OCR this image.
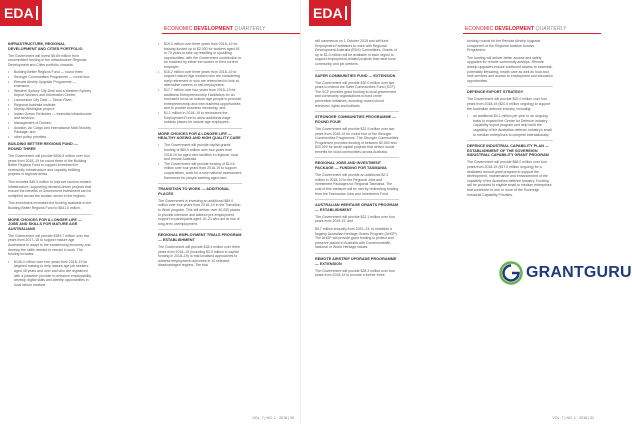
EDA
ECONOMIC DEVELOPMENT QUARTERLY
INFRASTRUCTURE, REGIONAL DEVELOPMENT AND CITIES PORTFOLIO

The Government will invest $5.69 million from uncommitted funding in the Infrastructure Regional Development and Cities portfolio, towards:

• Building Better Regions Fund — round three
• Stronger Communities Programme — round four;
• Remote Airstrip Upgrade Programme — extension;
• Western Sydney City Deal and a Western Sydney Airport Workers and Information Centre;
• Launceston City Deal — Tamar River;
• Regional Australia Institute
• Murray-Wellington project;
• Indian Ocean Territories — essential infrastructure and services;
• Management of Drones;
• Aviation, Air Cargo and International Mail Security Package; and
• other policy priorities.
BUILDING BETTER REGIONS FUND — ROUND THREE

The Government will provide $206.5 million over four years from 2018–19 for round three of the Building Better Regions Fund to support investment in community infrastructure and capacity building projects in regional areas.

This includes $45.0 million to improve tourism-related infrastructure, supporting demand-driven projects that ensure the benefits of Government investment can be multiplied across the tourism sector in the regions.

This investment increases the funding available to the Building Better Regions Fund to $641.6 million.

MORE CHOICES FOR A LONGER LIFE — JOBS AND SKILLS FOR MATURE AGE AUSTRALIANS

The Government will provide $189.7 million over five years from 2017–18 to support mature age Australians to adapt to the transitioning economy and develop the skills needed to remain in work. The funding includes:

• $136.4 million over four years from 2018–19 for targeted training to help mature age job seekers aged 45 years and over and who are registered with a jobactive provider to enhance employability, develop digital skills and identify opportunities in local labour markets
• $19.3 million over three years from 2018–19 for training funded up to $2,000 for workers aged 45 to 70 years to take up reskilling or upskilling opportunities, with the Government contribution to be matched by either the worker or their current employer;
• $15.2 million over three years from 2018–19 to support mature age workers who are considering early retirement or who are retrenched to look at alternative careers or self-employment;
• $17.7 million over four years from 2018–19 for additional Entrepreneurship Facilitators for an increased focus on mature age people to promote entrepreneurship and new business opportunities and to provide business mentoring; and
• $1.1 million in 2018–19 to restructure the Employment Fund to allow additional wage subsidy places for mature age employees.
MORE CHOICES FOR A LONGER LIFE — HEALTHY AGEING AND HIGH QUALITY CARE
• The Government will provide capital grants funding of $60.0 million over four years from 2018-19 for aged care facilities in regional, rural and remote Australia.
• The Government will provide funding of $14.6 million over four years from 2018-19 to support cooperatives, work for a new national assessment framework for people seeking aged care.
TRANSITION TO WORK — ADDITIONAL PLACES

The Government is investing an additional $89.0 million over four years from 2018–19 in the Transition to Work program. This will deliver over 40,000 places to provide intensive and tailored pre-employment support to participants aged 15–21 who are at risk of long-term unemployment.

REGIONAL EMPLOYMENT TRIALS PROGRAM — ESTABLISHMENT

The Government will provide $18.4 million over three years from 2018–19 (including $3.3 million in capital funding in 2018–19) to trial localised approaches to address employment outcomes in 10 selected disadvantaged regions. The trial

VOL. 7 | NO. 1 · 2018 | 30
EDA
ECONOMIC DEVELOPMENT QUARTERLY

will commence on 1 October 2018 and will fund Employment Facilitators to work with Regional Development Australia (RDA) Committees. Grants of up to $1.0 million will be available in each region to support employment-related projects that meet local community and job seekers.

SAFER COMMUNITIES FUND — EXTENSION

The Government will provide $30.0 million over two years to extend the Safer Communities Fund (SCF). The SCF provides grant funding to local government and community organisations to fund crime prevention initiatives, including closed circuit television, lights and bollards.

STRONGER COMMUNITIES PROGRAMME — ROUND FOUR

The Government will provide $22.9 million over two years from 2018-19 for round four of the Stronger Communities Programme. The Stronger Communities Programme provides funding of between $2,500 and $20,000 for small capital projects that deliver social benefits for local communities across Australia.

REGIONAL JOBS AND INVESTMENT PACKAGE — FUNDING FOR TASMANIA

The Government will provide an additional $2.3 million in 2018-19 to the Regional Jobs and Investment Packages for Regional Tasmania. The cost of this measure will be met by redirecting funding from the Tasmanian Jobs and Investment Fund.

AUSTRALIAN HERITAGE GRANTS PROGRAM — ESTABLISHMENT

The Government will provide $22.1 million over four years from 2018-19, and

$5.7 million annually from 2022–23, to establish a flagship Australian Heritage Grants Program (AHGP). The AHGP will provide grant funding to protect and preserve places in Australia with Commonwealth, National or World Heritage values.

REMOTE AIRSTRIP UPGRADE PROGRAMME — EXTENSION

The Government will provide $28.3 million over four years from 2018-19 to provide a further three

funding rounds for the Remote Airstrip Upgrade component of the Regional Aviation Access Programme.

The funding will deliver better access and safety upgrades for remote community airstrips. Remote airstrip upgrades ensure continued access to essential, potentially lifesaving, health care as well as food and mail services and access to employment and education opportunities.

DEFENCE EXPORT STRATEGY

The Government will provide $20.0 million over four years from 2018-19 ($20.0 million ongoing) to support the Australian defence industry, including:

• an additional $4.1 million per year to an ongoing basis to expand the Centre for Defence Industry Capability export program and help build the capability of the Australian defence industry's small to medium enterprises to compete internationally.
DEFENCE INDUSTRIAL CAPABILITY PLAN — ESTABLISHMENT OF THE SOVEREIGN INDUSTRIAL CAPABILITY GRANT PROGRAM

The Government will provide $68.0 million over four years from 2018-19 ($17.0 million ongoing) for a dedicated annual grant program to support the development, maintenance and enhancement of the capability of the Australian defence industry. Funding will be provided to eligible small to medium enterprises that contribute to one or more of the Sovereign Industrial Capability Priorities.

GRANTGURU
VOL. 7 | NO. 1 · 2018 | 31
